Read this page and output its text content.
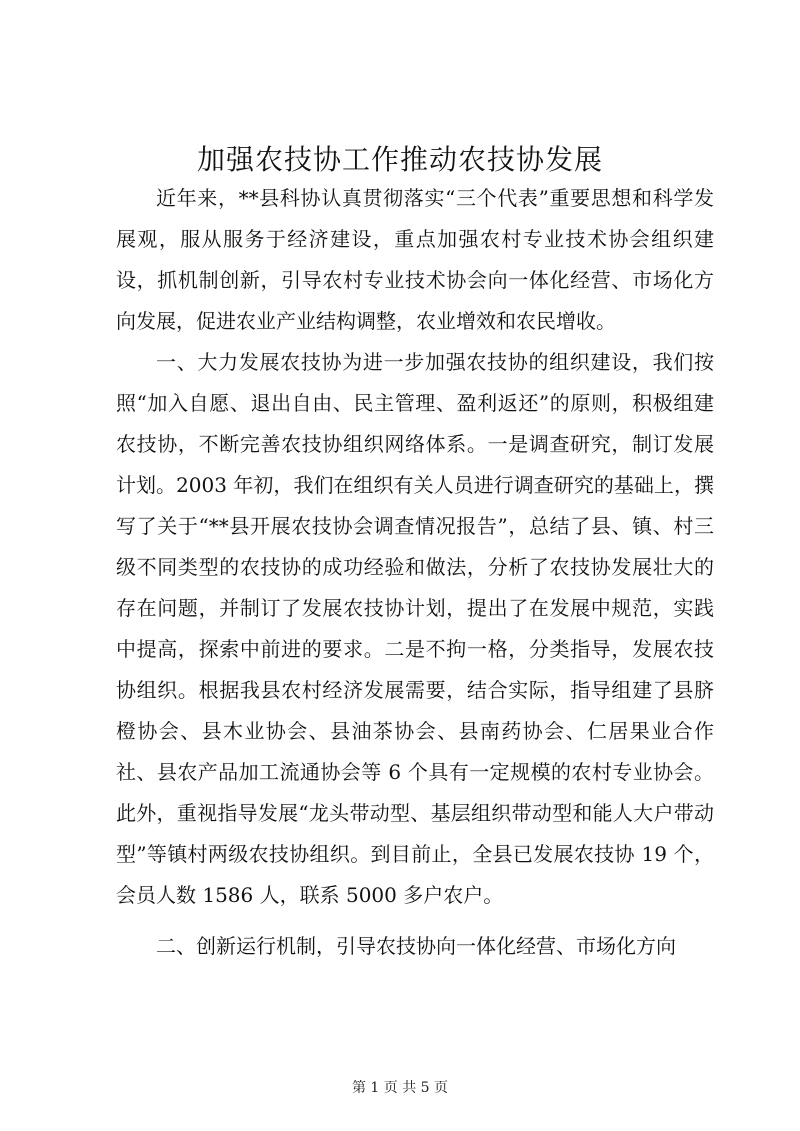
加强农技协工作推动农技协发展

近年来，**县科协认真贯彻落实“三个代表”重要思想和科学发展观，服从服务于经济建设，重点加强农村专业技术协会组织建设，抓机制创新，引导农村专业技术协会向一体化经营、市场化方向发展，促进农业产业结构调整，农业增效和农民增收。

一、大力发展农技协为进一步加强农技协的组织建设，我们按照“加入自愿、退出自由、民主管理、盈利返还”的原则，积极组建农技协，不断完善农技协组织网络体系。一是调查研究，制订发展计划。2003 年初，我们在组织有关人员进行调查研究的基础上，撰写了关于“**县开展农技协会调查情况报告”，总结了县、镇、村三级不同类型的农技协的成功经验和做法，分析了农技协发展壮大的存在问题，并制订了发展农技协计划，提出了在发展中规范，实践中提高，探索中前进的要求。二是不拘一格，分类指导，发展农技协组织。根据我县农村经济发展需要，结合实际，指导组建了县脐橙协会、县木业协会、县油茶协会、县南药协会、仁居果业合作社、县农产品加工流通协会等 6 个具有一定规模的农村专业协会。此外，重视指导发展“龙头带动型、基层组织带动型和能人大户带动型”等镇村两级农技协组织。到目前止，全县已发展农技协 19 个，会员人数 1586 人，联系 5000 多户农户。

二、创新运行机制，引导农技协向一体化经营、市场化方向

第 1 页 共 5 页
